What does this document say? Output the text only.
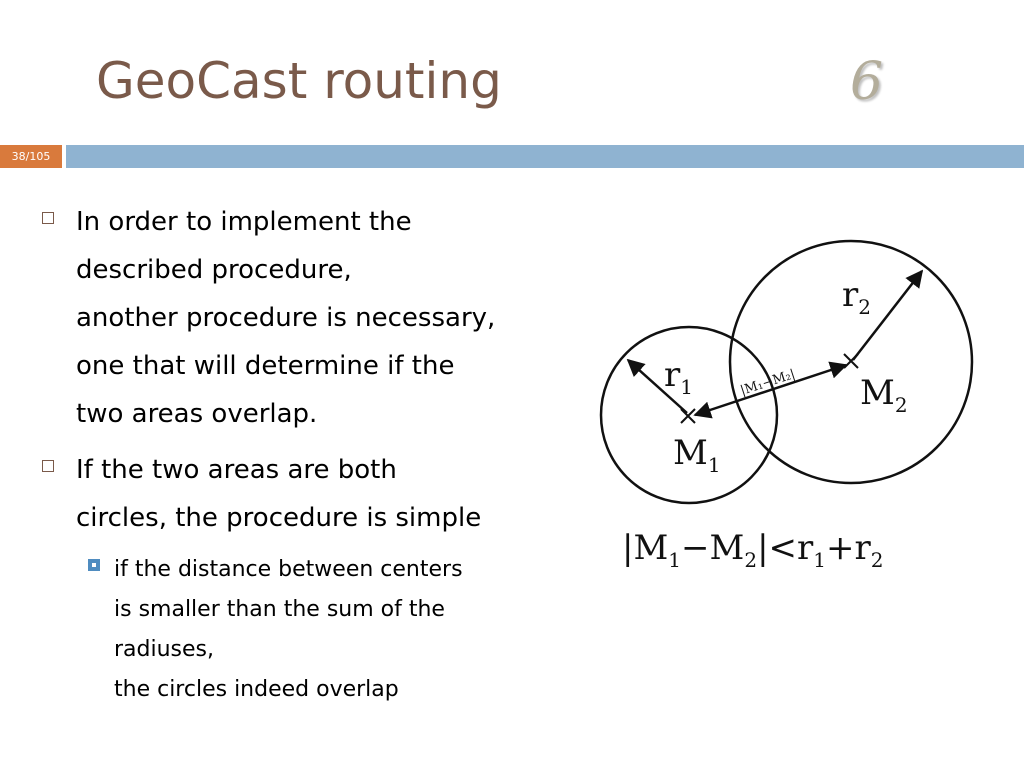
GeoCast routing	6
38/105
In order to implement the
described procedure,
another procedure is necessary,
one that will determine if the
two areas overlap.
If the two areas are both
circles, the procedure is simple
if the distance between centers
is smaller than the sum of the
radiuses,
the circles indeed overlap
$r_1$
$r_2$
$M_1$
$M_2$
|M₁−M₂|
$|M_1-M_2|<r_1+r_2$
